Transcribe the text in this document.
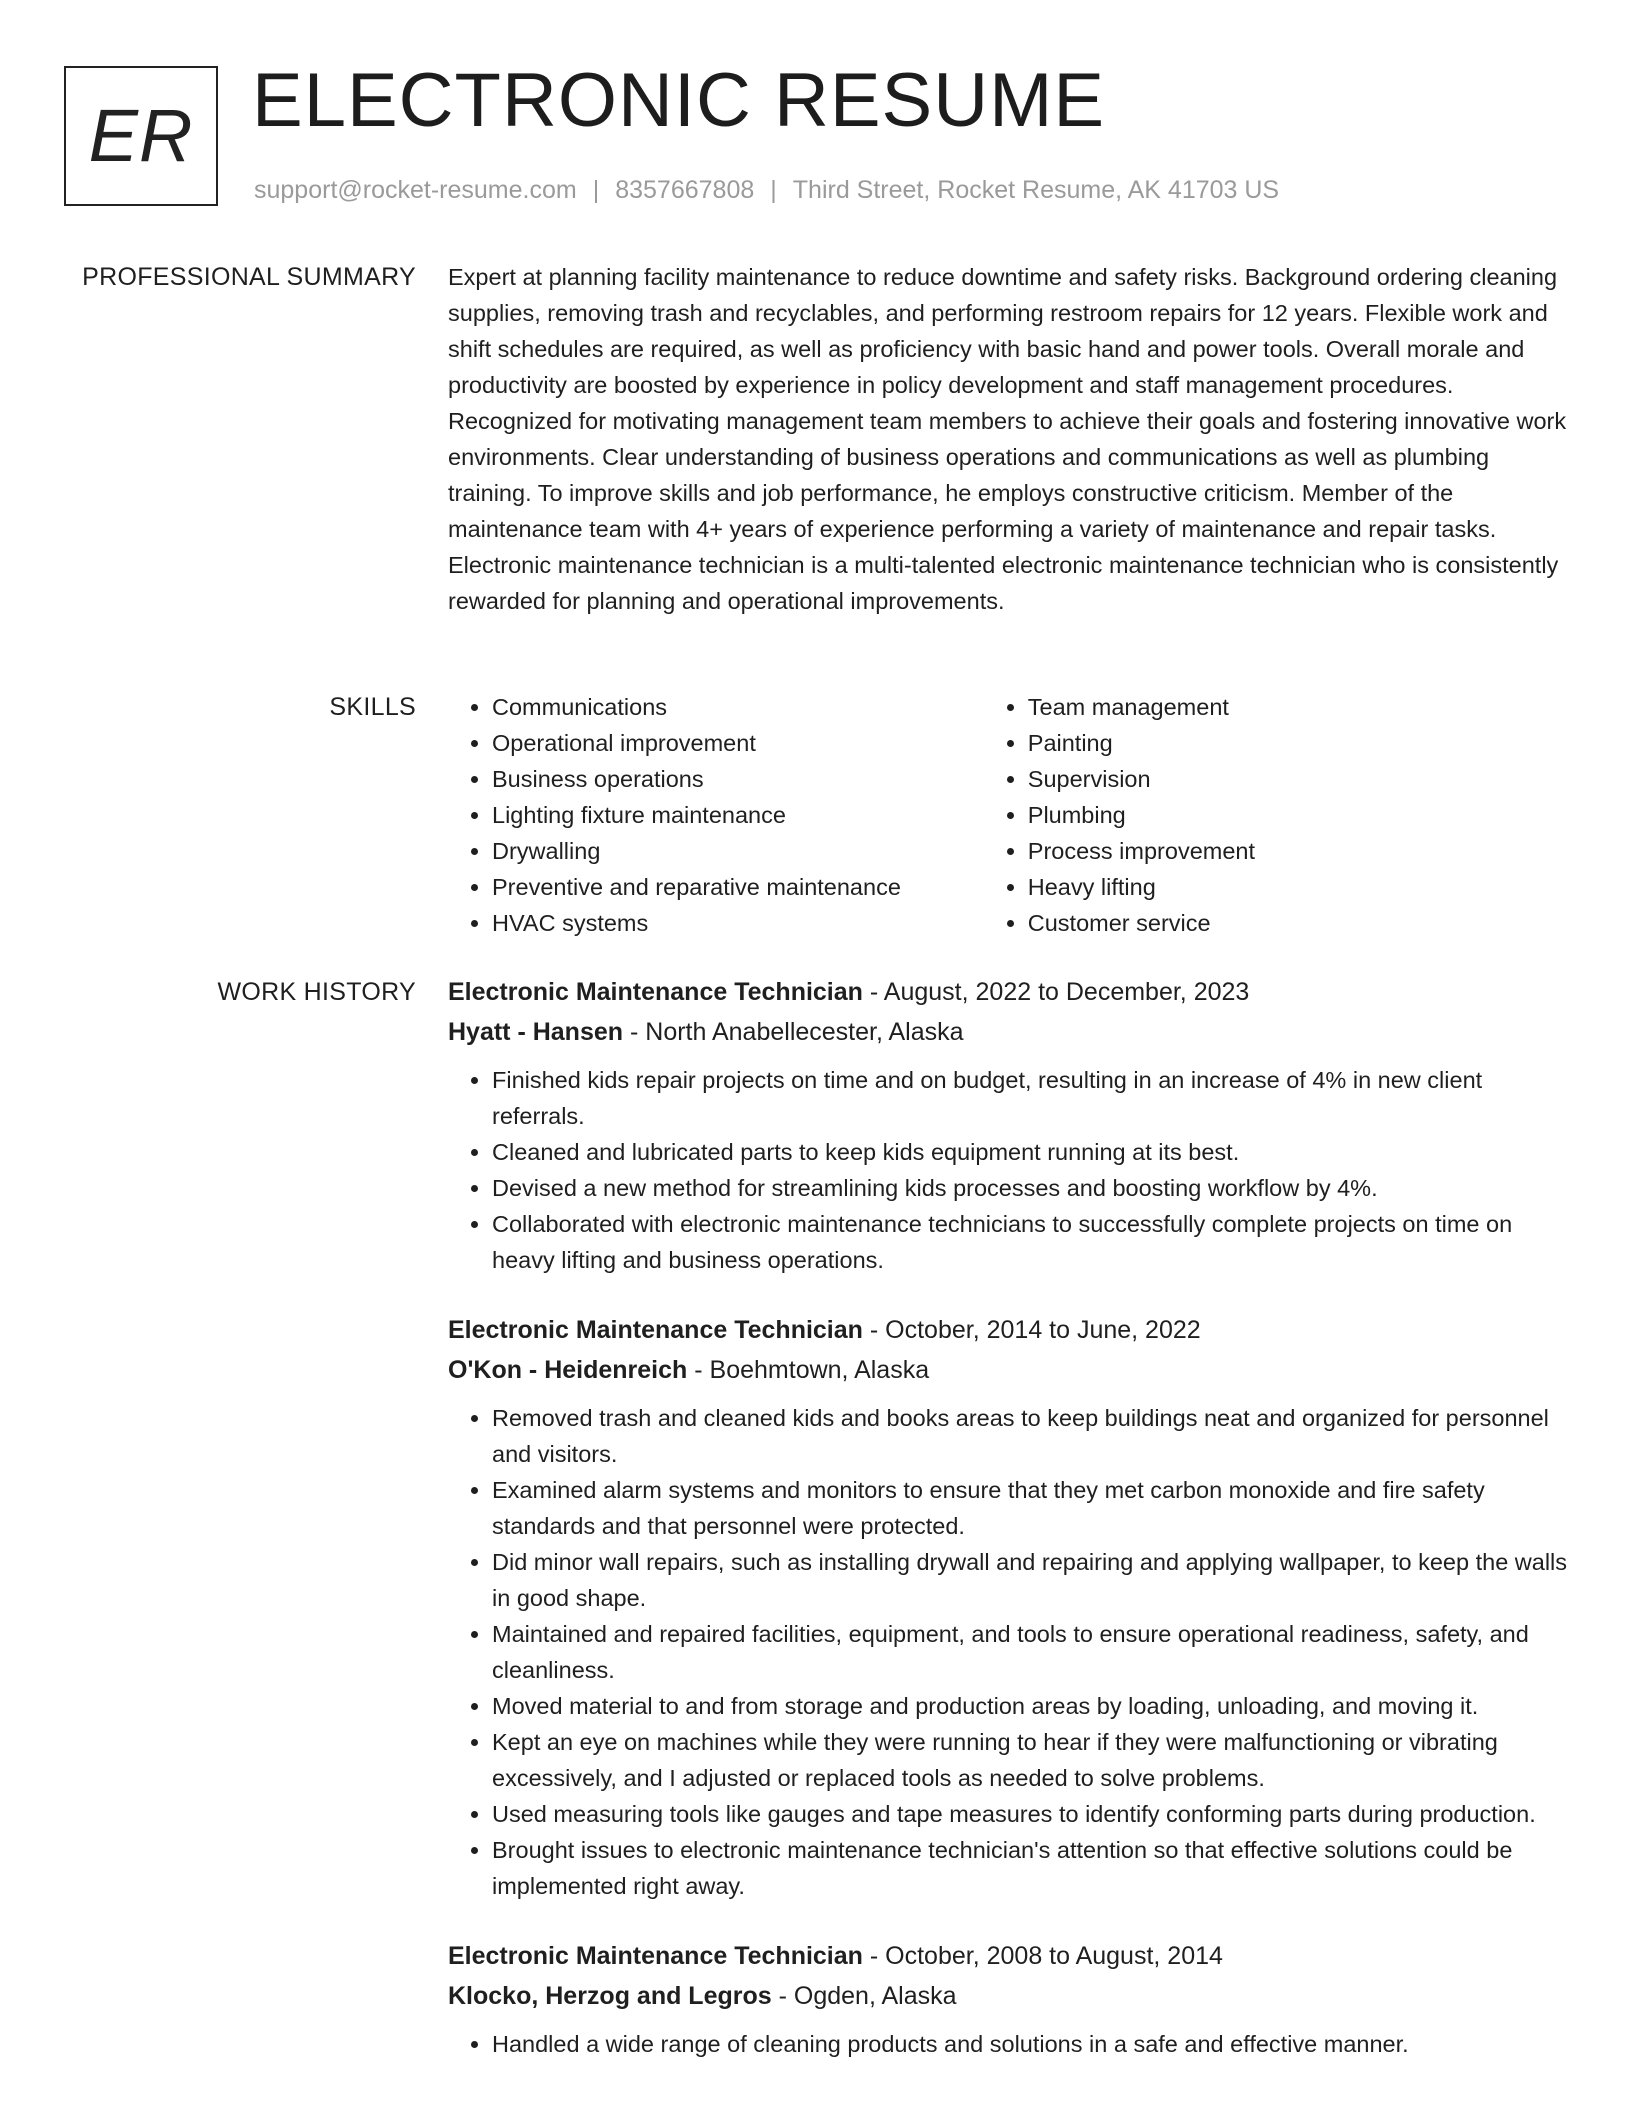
ER ELECTRONIC RESUME
support@rocket-resume.com | 8357667808 | Third Street, Rocket Resume, AK 41703 US
PROFESSIONAL SUMMARY Expert at planning facility maintenance to reduce downtime and safety risks. Background ordering cleaning supplies, removing trash and recyclables, and performing restroom repairs for 12 years. Flexible work and shift schedules are required, as well as proficiency with basic hand and power tools. Overall morale and productivity are boosted by experience in policy development and staff management procedures. Recognized for motivating management team members to achieve their goals and fostering innovative work environments. Clear understanding of business operations and communications as well as plumbing training. To improve skills and job performance, he employs constructive criticism. Member of the maintenance team with 4+ years of experience performing a variety of maintenance and repair tasks. Electronic maintenance technician is a multi-talented electronic maintenance technician who is consistently rewarded for planning and operational improvements.

SKILLS
•	Communications
• Operational improvement
• Business operations
• Lighting fixture maintenance
• Drywalling
• Preventive and reparative maintenance
• HVAC systems
• Team management
• Painting
• Supervision
• Plumbing
• Process improvement
• Heavy lifting
• Customer service
WORK HISTORY Electronic Maintenance Technician - August, 2022 to December, 2023
Hyatt - Hansen - North Anabellecester, Alaska
• Finished kids repair projects on time and on budget, resulting in an increase of 4% in new client referrals.
• Cleaned and lubricated parts to keep kids equipment running at its best.
• Devised a new method for streamlining kids processes and boosting workflow by 4%.
• Collaborated with electronic maintenance technicians to successfully complete projects on time on heavy lifting and business operations.
Electronic Maintenance Technician - October, 2014 to June, 2022
O'Kon - Heidenreich - Boehmtown, Alaska
• Removed trash and cleaned kids and books areas to keep buildings neat and organized for personnel and visitors.
• Examined alarm systems and monitors to ensure that they met carbon monoxide and fire safety standards and that personnel were protected.
• Did minor wall repairs, such as installing drywall and repairing and applying wallpaper, to keep the walls in good shape.
• Maintained and repaired facilities, equipment, and tools to ensure operational readiness, safety, and cleanliness.
• Moved material to and from storage and production areas by loading, unloading, and moving it.
• Kept an eye on machines while they were running to hear if they were malfunctioning or vibrating excessively, and I adjusted or replaced tools as needed to solve problems.
• Used measuring tools like gauges and tape measures to identify conforming parts during production.
• Brought issues to electronic maintenance technician's attention so that effective solutions could be implemented right away.
Electronic Maintenance Technician - October, 2008 to August, 2014
Klocko, Herzog and Legros - Ogden, Alaska
• Handled a wide range of cleaning products and solutions in a safe and effective manner.
